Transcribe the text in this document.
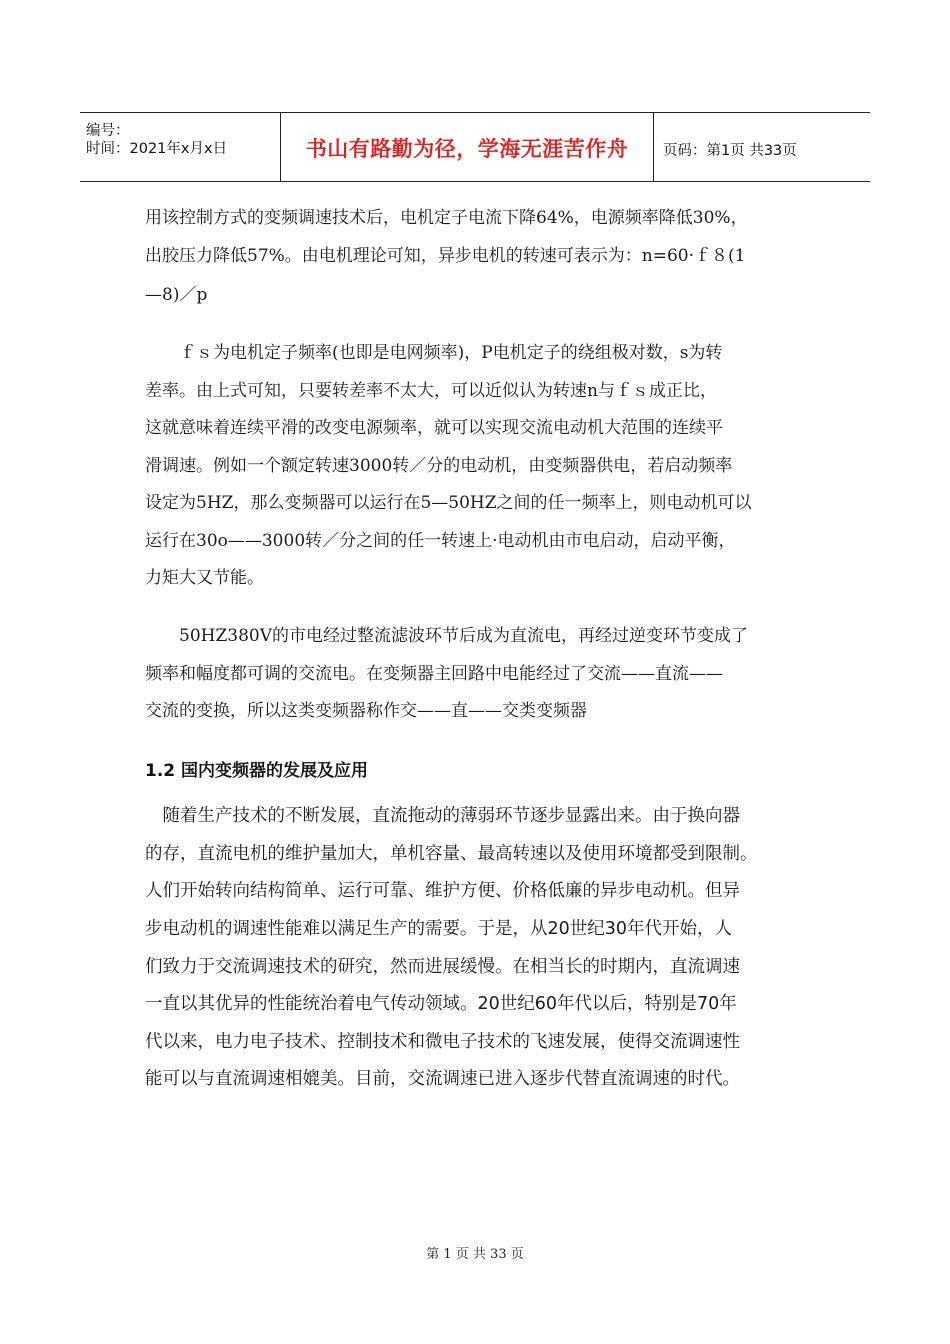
编号：
时间：2021年x月x日	书山有路勤为径，学海无涯苦作舟	页码：第1页 共33页
用该控制方式的变频调速技术后，电机定子电流下降64%，电源频率降低30%，
出胶压力降低57%。由电机理论可知，异步电机的转速可表示为：n=60·ｆ８(1
—8)／p
　　ｆｓ为电机定子频率(也即是电网频率)，P电机定子的绕组极对数，s为转
差率。由上式可知，只要转差率不太大，可以近似认为转速n与ｆｓ成正比，
这就意味着连续平滑的改变电源频率，就可以实现交流电动机大范围的连续平
滑调速。例如一个额定转速3000转／分的电动机，由变频器供电，若启动频率
设定为5HZ，那么变频器可以运行在5—50HZ之间的任一频率上，则电动机可以
运行在30o——3000转／分之间的任一转速上·电动机由市电启动，启动平衡，
力矩大又节能。
　　50HZ380V的市电经过整流滤波环节后成为直流电，再经过逆变环节变成了
频率和幅度都可调的交流电。在变频器主回路中电能经过了交流——直流——
交流的变换，所以这类变频器称作交——直——交类变频器
1.2 国内变频器的发展及应用
　随着生产技术的不断发展，直流拖动的薄弱环节逐步显露出来。由于换向器
的存，直流电机的维护量加大，单机容量、最高转速以及使用环境都受到限制。
人们开始转向结构简单、运行可靠、维护方便、价格低廉的异步电动机。但异
步电动机的调速性能难以满足生产的需要。于是，从20世纪30年代开始，人
们致力于交流调速技术的研究，然而进展缓慢。在相当长的时期内，直流调速
一直以其优异的性能统治着电气传动领域。20世纪60年代以后，特别是70年
代以来，电力电子技术、控制技术和微电子技术的飞速发展，使得交流调速性
能可以与直流调速相媲美。目前，交流调速已进入逐步代替直流调速的时代。
第 1 页 共 33 页
